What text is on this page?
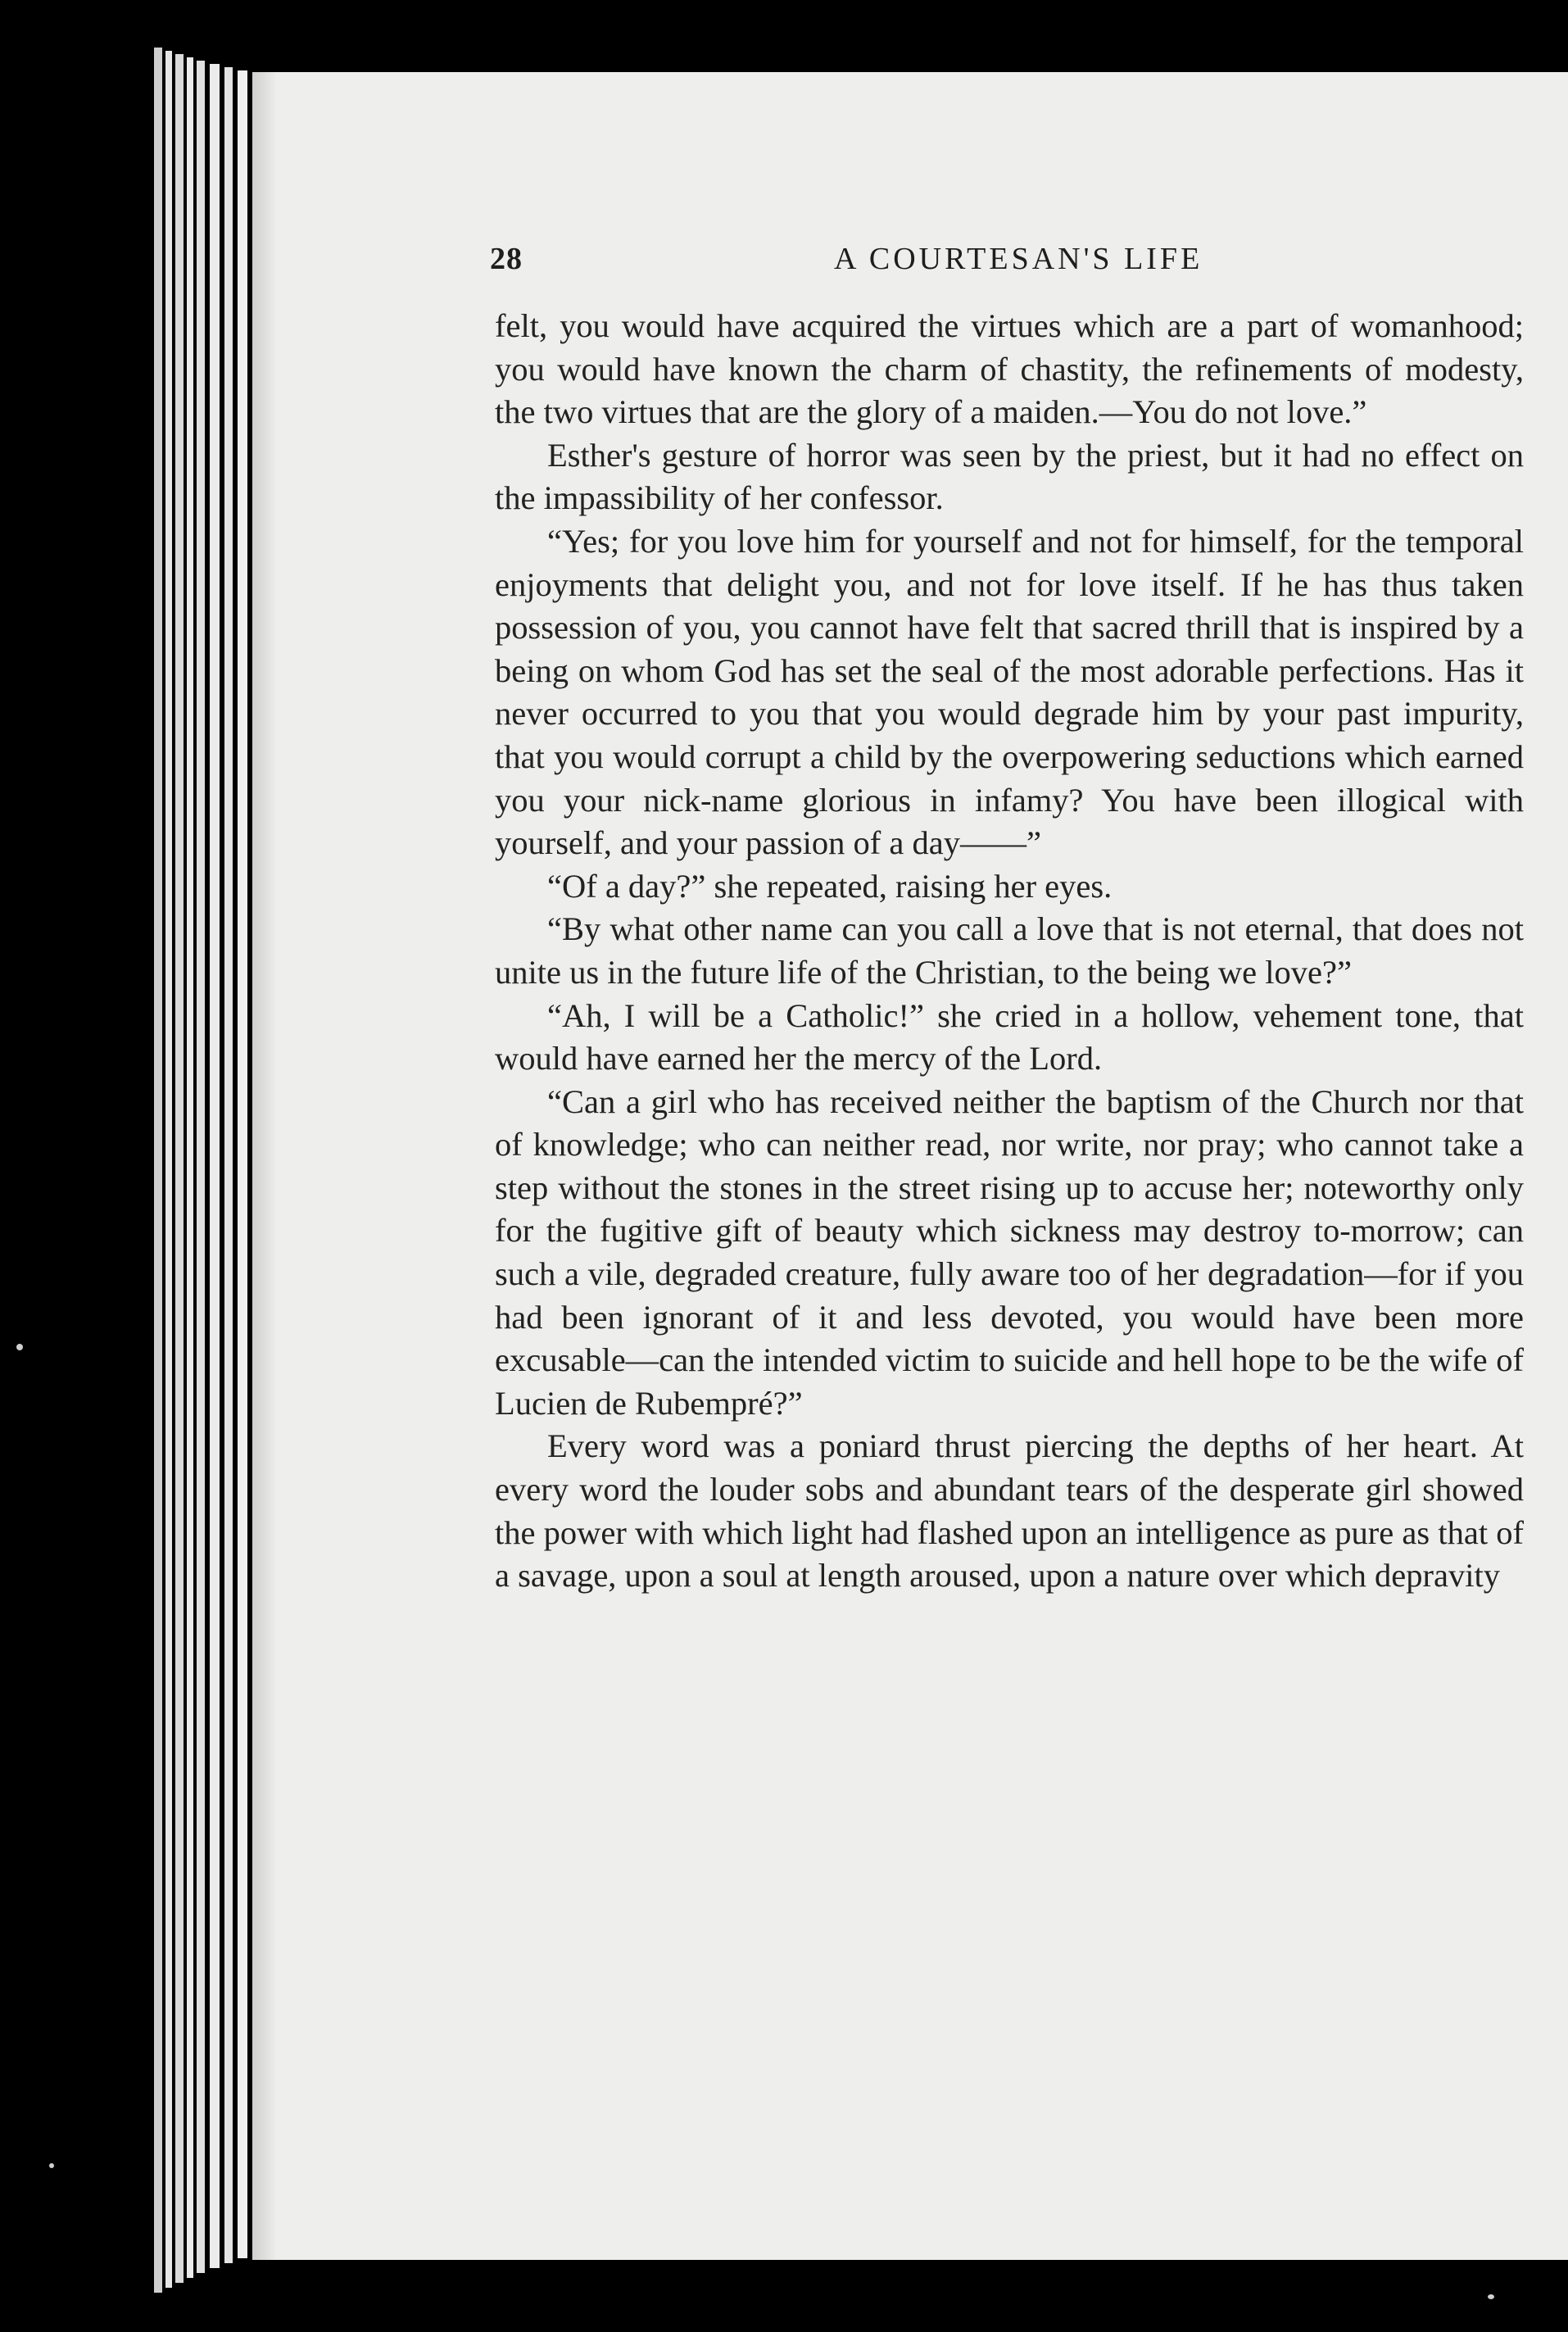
28	A COURTESAN'S LIFE

felt, you would have acquired the virtues which are a part of womanhood; you would have known the charm of chastity, the refinements of modesty, the two virtues that are the glory of a maiden.—You do not love.”

Esther's gesture of horror was seen by the priest, but it had no effect on the impassibility of her confessor.

“Yes; for you love him for yourself and not for himself, for the temporal enjoyments that delight you, and not for love itself. If he has thus taken possession of you, you cannot have felt that sacred thrill that is inspired by a being on whom God has set the seal of the most adorable perfections. Has it never occurred to you that you would degrade him by your past impurity, that you would corrupt a child by the overpowering seductions which earned you your nick-name glorious in infamy? You have been illogical with yourself, and your passion of a day——”

“Of a day?” she repeated, raising her eyes.

“By what other name can you call a love that is not eternal, that does not unite us in the future life of the Christian, to the being we love?”

“Ah, I will be a Catholic!” she cried in a hollow, vehement tone, that would have earned her the mercy of the Lord.

“Can a girl who has received neither the baptism of the Church nor that of knowledge; who can neither read, nor write, nor pray; who cannot take a step without the stones in the street rising up to accuse her; noteworthy only for the fugitive gift of beauty which sickness may destroy to-morrow; can such a vile, degraded creature, fully aware too of her degradation—for if you had been ignorant of it and less devoted, you would have been more excusable—can the intended victim to suicide and hell hope to be the wife of Lucien de Rubempré?”

Every word was a poniard thrust piercing the depths of her heart. At every word the louder sobs and abundant tears of the desperate girl showed the power with which light had flashed upon an intelligence as pure as that of a savage, upon a soul at length aroused, upon a nature over which depravity
